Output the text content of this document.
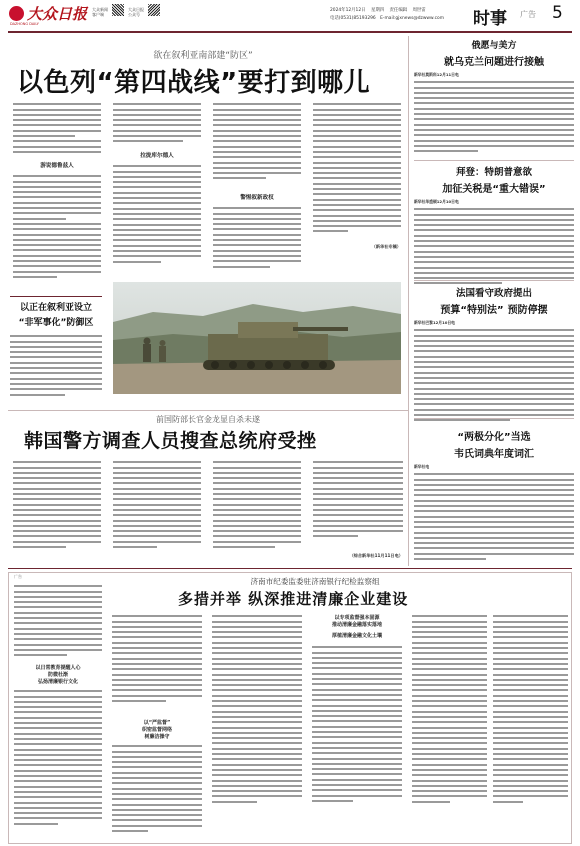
大众日报
DAZHONG DAILY
大众新闻
客户端
大众日报
公众号
2024年12月12日 星期四 责任编辑 周世雷
电话(0531)85193296 E-mail:gjxnews@dzwww.com 时事 广告 5
欲在叙利亚南部建“防区”
以色列“第四战线”要打到哪儿
游说德鲁兹人
拉拢库尔德人
警惕叙新政权
（新华社专稿）
以正在叙利亚设立
“非军事化”防御区
前国防部长官金龙显自杀未遂
韩国警方调查人员搜查总统府受挫
（综合新华社11月11日电）
俄愿与美方
就乌克兰问题进行接触
新华社莫斯科12月11日电
拜登：特朗普意欲
加征关税是“重大错误”
新华社华盛顿12月10日电
法国看守政府提出
预算“特别法” 预防停摆
新华社巴黎12月10日电
“两极分化”当选
韦氏词典年度词汇
新华社电
广告
济南市纪委监委驻济南银行纪检监察组
多措并举 纵深推进清廉企业建设
以日常教育提醒人心
防微杜渐
弘扬清廉银行文化
以“严监督”
织密监督网络
树廉洁操守
以专项监督强本固源
推动清廉金融落实落地
厚植清廉金融文化土壤
